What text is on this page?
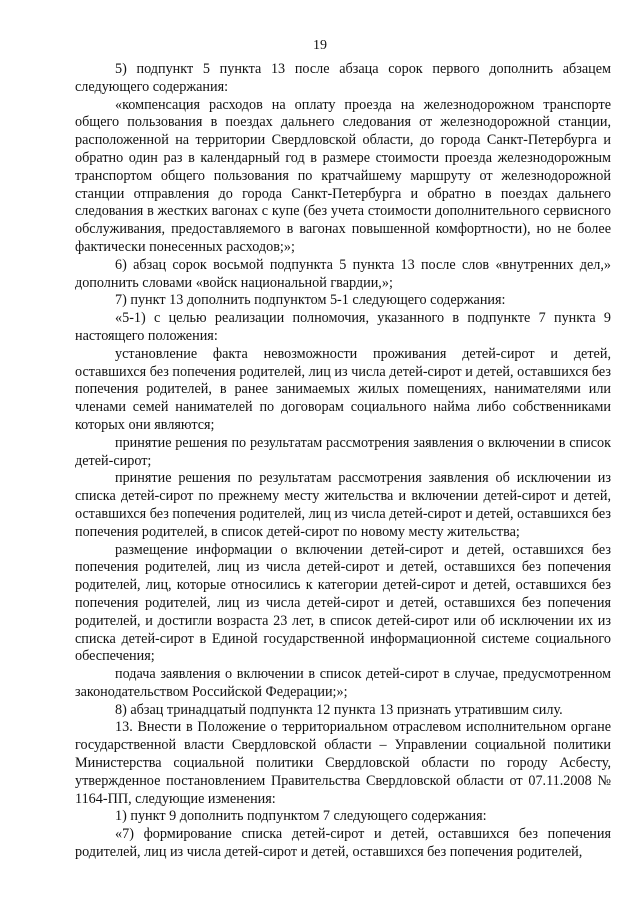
19

5) подпункт 5 пункта 13 после абзаца сорок первого дополнить абзацем следующего содержания:

«компенсация расходов на оплату проезда на железнодорожном транспорте общего пользования в поездах дальнего следования от железнодорожной станции, расположенной на территории Свердловской области, до города Санкт-Петербурга и обратно один раз в календарный год в размере стоимости проезда железнодорожным транспортом общего пользования по кратчайшему маршруту от железнодорожной станции отправления до города Санкт-Петербурга и обратно в поездах дальнего следования в жестких вагонах с купе (без учета стоимости дополнительного сервисного обслуживания, предоставляемого в вагонах повышенной комфортности), но не более фактически понесенных расходов;»;

6) абзац сорок восьмой подпункта 5 пункта 13 после слов «внутренних дел,» дополнить словами «войск национальной гвардии,»;

7) пункт 13 дополнить подпунктом 5-1 следующего содержания:

«5-1) с целью реализации полномочия, указанного в подпункте 7 пункта 9 настоящего положения:

установление факта невозможности проживания детей-сирот и детей, оставшихся без попечения родителей, лиц из числа детей-сирот и детей, оставшихся без попечения родителей, в ранее занимаемых жилых помещениях, нанимателями или членами семей нанимателей по договорам социального найма либо собственниками которых они являются;

принятие решения по результатам рассмотрения заявления о включении в список детей-сирот;

принятие решения по результатам рассмотрения заявления об исключении из списка детей-сирот по прежнему месту жительства и включении детей-сирот и детей, оставшихся без попечения родителей, лиц из числа детей-сирот и детей, оставшихся без попечения родителей, в список детей-сирот по новому месту жительства;

размещение информации о включении детей-сирот и детей, оставшихся без попечения родителей, лиц из числа детей-сирот и детей, оставшихся без попечения родителей, лиц, которые относились к категории детей-сирот и детей, оставшихся без попечения родителей, лиц из числа детей-сирот и детей, оставшихся без попечения родителей, и достигли возраста 23 лет, в список детей-сирот или об исключении их из списка детей-сирот в Единой государственной информационной системе социального обеспечения;

подача заявления о включении в список детей-сирот в случае, предусмотренном законодательством Российской Федерации;»;

8) абзац тринадцатый подпункта 12 пункта 13 признать утратившим силу.

13. Внести в Положение о территориальном отраслевом исполнительном органе государственной власти Свердловской области – Управлении социальной политики Министерства социальной политики Свердловской области по городу Асбесту, утвержденное постановлением Правительства Свердловской области от 07.11.2008 № 1164-ПП, следующие изменения:

1) пункт 9 дополнить подпунктом 7 следующего содержания:

«7) формирование списка детей-сирот и детей, оставшихся без попечения родителей, лиц из числа детей-сирот и детей, оставшихся без попечения родителей,
